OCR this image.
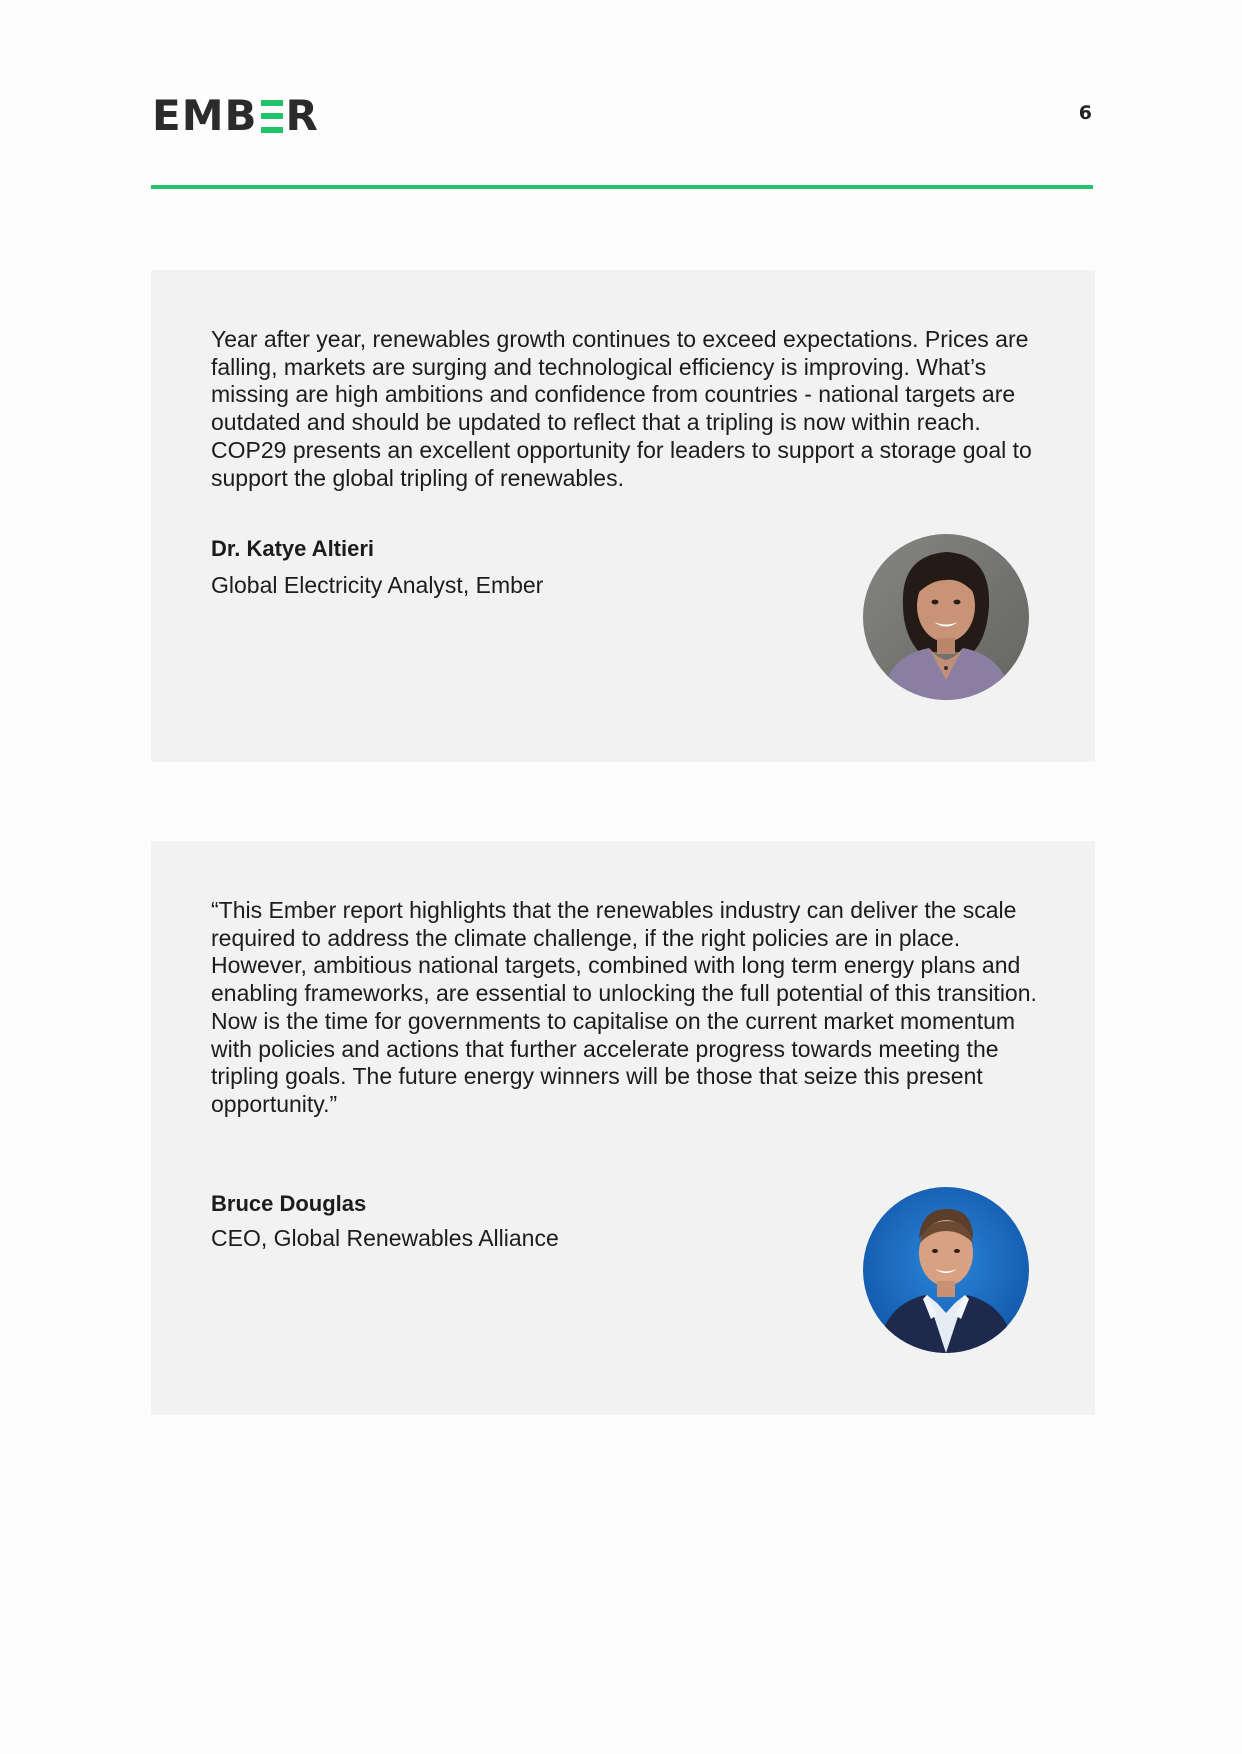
EMB R	6

Year after year, renewables growth continues to exceed expectations. Prices are falling, markets are surging and technological efficiency is improving. What’s missing are high ambitions and confidence from countries - national targets are outdated and should be updated to reflect that a tripling is now within reach. COP29 presents an excellent opportunity for leaders to support a storage goal to support the global tripling of renewables.

Dr. Katye Altieri
Global Electricity Analyst, Ember

“This Ember report highlights that the renewables industry can deliver the scale required to address the climate challenge, if the right policies are in place. However, ambitious national targets, combined with long term energy plans and enabling frameworks, are essential to unlocking the full potential of this transition. Now is the time for governments to capitalise on the current market momentum with policies and actions that further accelerate progress towards meeting the tripling goals. The future energy winners will be those that seize this present opportunity.”

Bruce Douglas
CEO, Global Renewables Alliance
